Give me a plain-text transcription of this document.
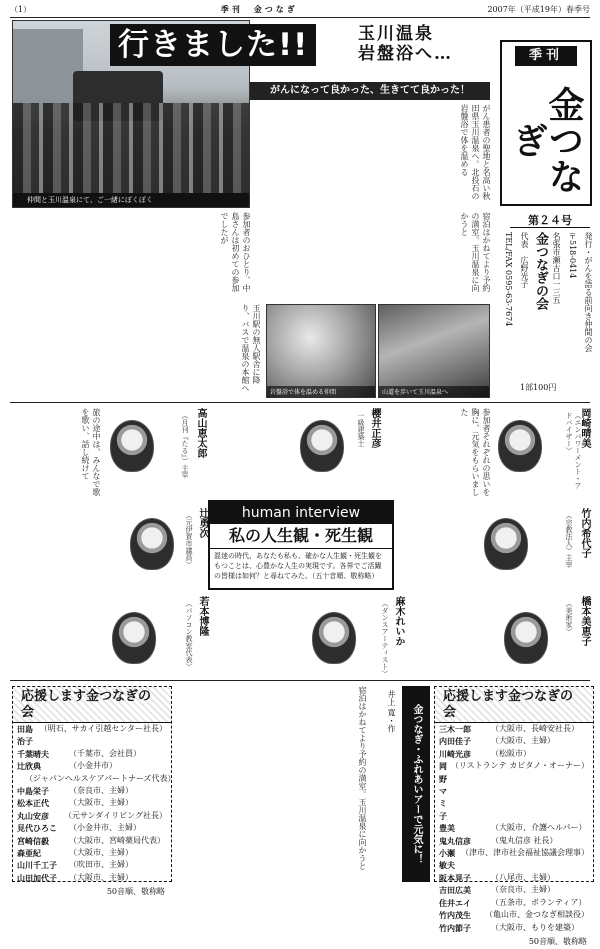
（1）	季刊　金つなぎ	2007年（平成19年）春季号
仲間と玉川温泉にて、ご一緒にぽくぽく
行きました!!	玉川温泉
岩盤浴へ…
がんになって良かった、生きてて良かった！
季刊
金つなぎ
第２４号
発行・がんを語る前向き仲間の会
〒518-0414
名張市瀬古口一三五
金つなぎの会
代表　広野光子
TEL/FAX 0595-63-7674
1部100円
がん患者の聖地と名高い秋田県玉川温泉へ。北投石の岩盤浴で体を温める
参加者のおひとり、中島さんは初めての参加でしたが	宿泊はかねてより予約の満室。玉川温泉に向かうと
玉川駅の無人駅舎に降り、バスで温泉の本館へ
岩盤浴で体を温める仲間	山道を歩いて玉川温泉へ
高山恵太郎
（月刊『たる』）主宰
旅の途中は、みんなで歌を歌い、話し続けて	櫻井正彦
一級建築士	岡崎晴美
（エンパワーメント・アドバイザー）
参加者それぞれの思いを胸に、元気をもらいました
human interview
私の人生観・死生観
混迷の時代、あなたも私も、確かな人生観・死生観をもつことは、心豊かな人生の実現です。各界でご活躍の皆様は如何？と尋ねてみた。（五十音順、敬称略）
辻勇次
（元伊賀市議員）	竹内希代子
（宗教法人）主宰
若本博隆
（パソコン教室代表）	麻木れいか
（ダンスアーティスト）	橋本美恵子
（美術家）
応援します金つなぎの会
田島治子
（明石、サカイ引越センター社長）
千葉晴夫	（千葉市、会社員）
辻欣典	（小金井市）

（ジャパンヘルスケアパートナーズ代表）
中島栄子	（奈良市、主婦）
松本正代	（大阪市、主婦）
丸山安彦	（元サンダイリビング社長）
見代ひろこ	（小金井市、主婦）
宮崎信毅	（大阪市、宮崎薬局代表）
森亜紀	（大阪市、主婦）
山川千工子	（吹田市、主婦）
山田加代子	（大阪市、主婦）
50音順、敬称略
井上 寛・作	金つなぎ・ふれあいアーで元気に！
応援します金つなぎの会
三木一郎	（大阪市、長崎安社長）
内田佳子	（大阪市、主婦）
川崎光彦	（松阪市）
岡野マミ子
（リストランテ カピタノ・オーナー）
豊美	（大阪市、介護ヘルパー）
鬼丸信彦	（鬼丸信彦 社長）
小瀬敏夫
（津市、津市社会福祉協議会理事）
阪本晃子	（八尾市、主婦）
吉田広美	（奈良市、主婦）
住井エイ	（五条市、ボランティア）
竹内茂生	（亀山市、金つなぎ相談役）
竹内節子	（大阪市、もりを建築）
50音順、敬称略
宿泊はかねてより予約の満室。玉川温泉に向かうと
